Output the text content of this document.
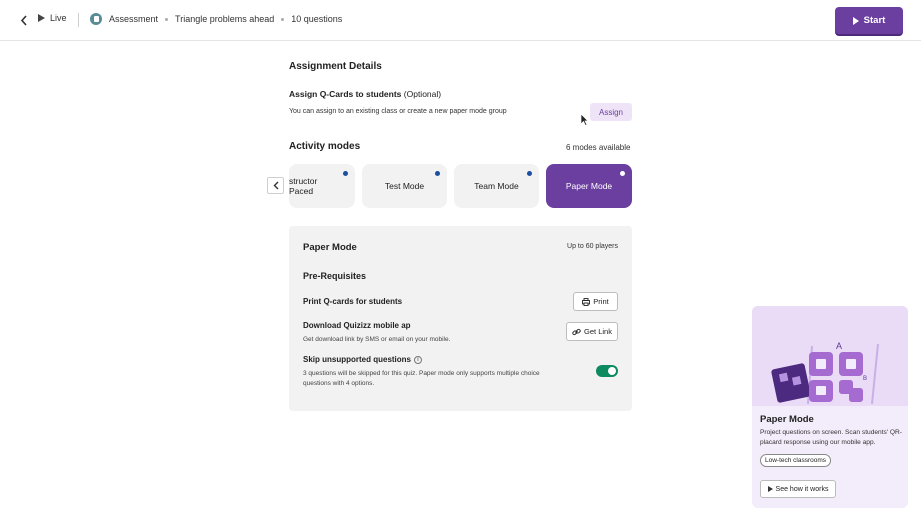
Live	Assessment Triangle problems ahead 10 questions	Start
Assignment Details
Assign Q-Cards to students (Optional)
You can assign to an existing class or create a new paper mode group	Assign
Activity modes	6 modes available
structor Paced	Test Mode	Team Mode	Paper Mode
Paper Mode	Up to 60 players
Pre-Requisites
Print Q-cards for students	Print
Download Quizizz mobile ap
Get download link by SMS or email on your mobile.
Get Link
Skip unsupported questions i
3 questions will be skipped for this quiz. Paper mode only supports multiple choice
questions with 4 options.
A
B
Paper Mode
Project questions on screen. Scan students' QR-placard response using our mobile app.
Low-tech classrooms
See how it works
